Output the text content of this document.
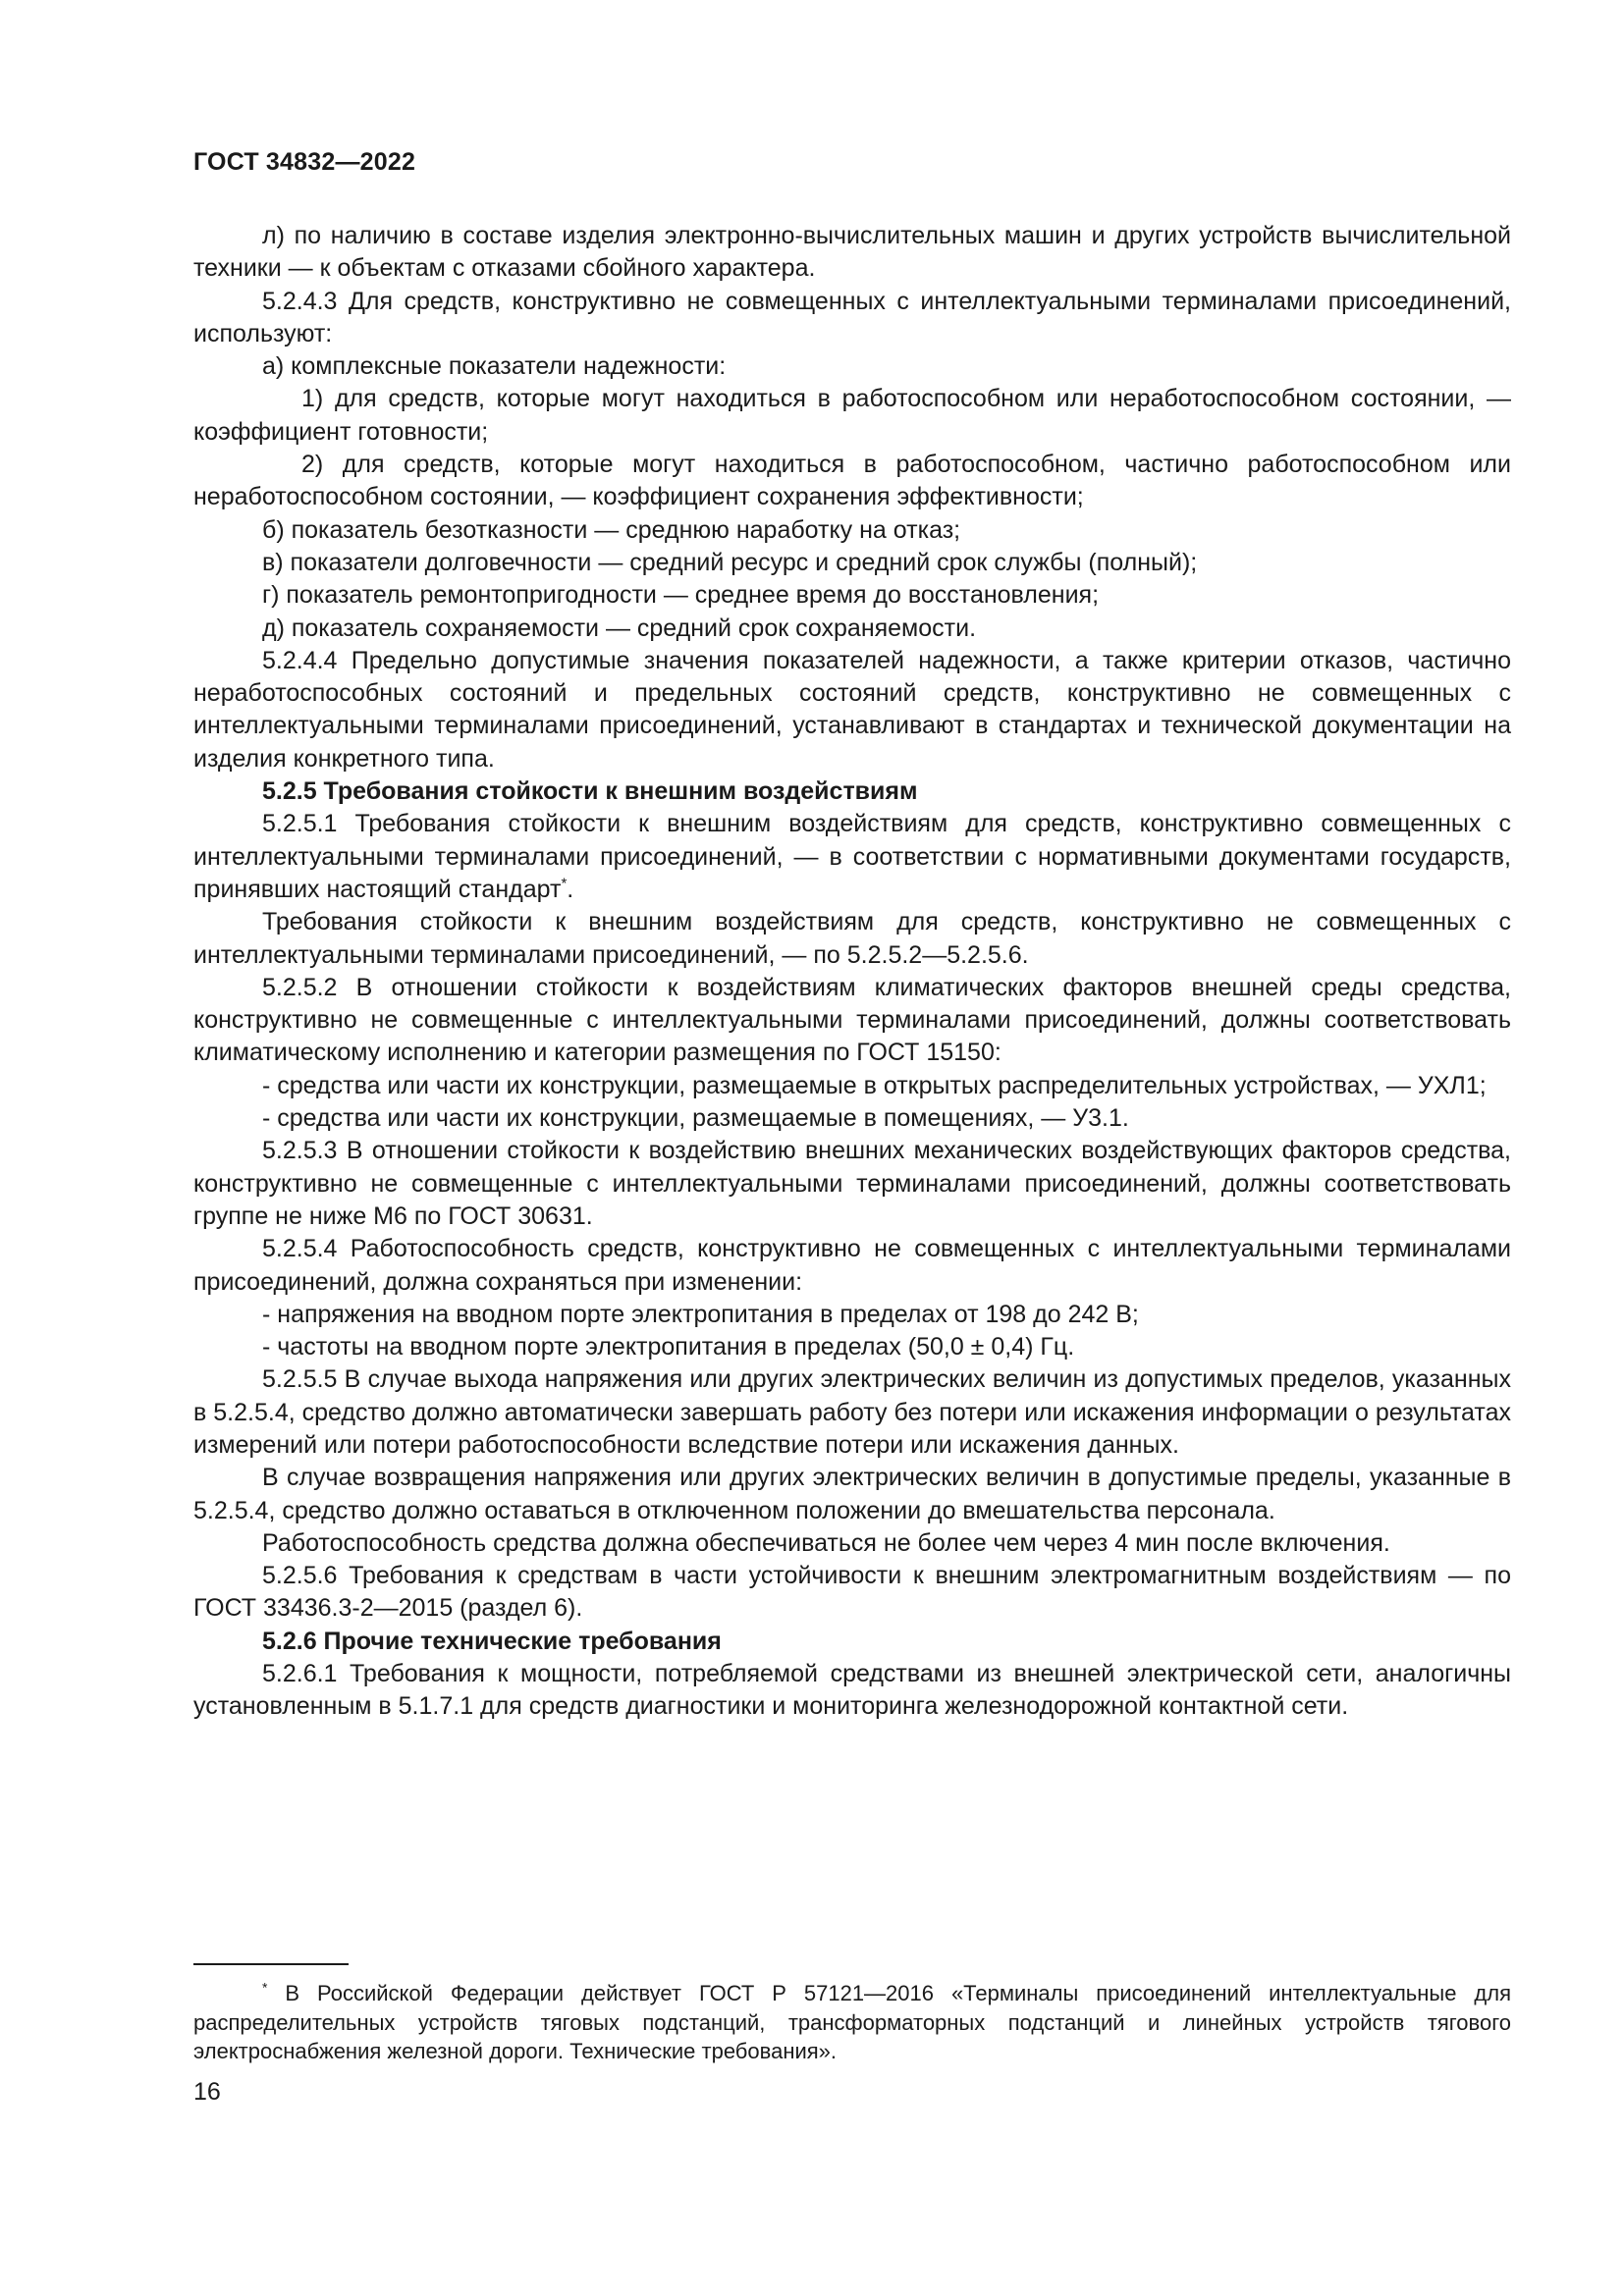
ГОСТ 34832—2022

л) по наличию в составе изделия электронно-вычислительных машин и других устройств вычислительной техники — к объектам с отказами сбойного характера.

5.2.4.3 Для средств, конструктивно не совмещенных с интеллектуальными терминалами присоединений, используют:

а) комплексные показатели надежности:

1) для средств, которые могут находиться в работоспособном или неработоспособном состоянии, — коэффициент готовности;

2) для средств, которые могут находиться в работоспособном, частично работоспособном или неработоспособном состоянии, — коэффициент сохранения эффективности;

б) показатель безотказности — среднюю наработку на отказ;

в) показатели долговечности — средний ресурс и средний срок службы (полный);

г) показатель ремонтопригодности — среднее время до восстановления;

д) показатель сохраняемости — средний срок сохраняемости.

5.2.4.4 Предельно допустимые значения показателей надежности, а также критерии отказов, частично неработоспособных состояний и предельных состояний средств, конструктивно не совмещенных с интеллектуальными терминалами присоединений, устанавливают в стандартах и технической документации на изделия конкретного типа.

5.2.5 Требования стойкости к внешним воздействиям

5.2.5.1 Требования стойкости к внешним воздействиям для средств, конструктивно совмещенных с интеллектуальными терминалами присоединений, — в соответствии с нормативными документами государств, принявших настоящий стандарт*.

Требования стойкости к внешним воздействиям для средств, конструктивно не совмещенных с интеллектуальными терминалами присоединений, — по 5.2.5.2—5.2.5.6.

5.2.5.2 В отношении стойкости к воздействиям климатических факторов внешней среды средства, конструктивно не совмещенные с интеллектуальными терминалами присоединений, должны соответствовать климатическому исполнению и категории размещения по ГОСТ 15150:

- средства или части их конструкции, размещаемые в открытых распределительных устройствах, — УХЛ1;

- средства или части их конструкции, размещаемые в помещениях, — У3.1.

5.2.5.3 В отношении стойкости к воздействию внешних механических воздействующих факторов средства, конструктивно не совмещенные с интеллектуальными терминалами присоединений, должны соответствовать группе не ниже М6 по ГОСТ 30631.

5.2.5.4 Работоспособность средств, конструктивно не совмещенных с интеллектуальными терминалами присоединений, должна сохраняться при изменении:

- напряжения на вводном порте электропитания в пределах от 198 до 242 В;

- частоты на вводном порте электропитания в пределах (50,0 ± 0,4) Гц.

5.2.5.5 В случае выхода напряжения или других электрических величин из допустимых пределов, указанных в 5.2.5.4, средство должно автоматически завершать работу без потери или искажения информации о результатах измерений или потери работоспособности вследствие потери или искажения данных.

В случае возвращения напряжения или других электрических величин в допустимые пределы, указанные в 5.2.5.4, средство должно оставаться в отключенном положении до вмешательства персонала.

Работоспособность средства должна обеспечиваться не более чем через 4 мин после включения.

5.2.5.6 Требования к средствам в части устойчивости к внешним электромагнитным воздействиям — по ГОСТ 33436.3-2—2015 (раздел 6).

5.2.6 Прочие технические требования

5.2.6.1 Требования к мощности, потребляемой средствами из внешней электрической сети, аналогичны установленным в 5.1.7.1 для средств диагностики и мониторинга железнодорожной контактной сети.

* В Российской Федерации действует ГОСТ Р 57121—2016 «Терминалы присоединений интеллектуальные для распределительных устройств тяговых подстанций, трансформаторных подстанций и линейных устройств тягового электроснабжения железной дороги. Технические требования».
16
